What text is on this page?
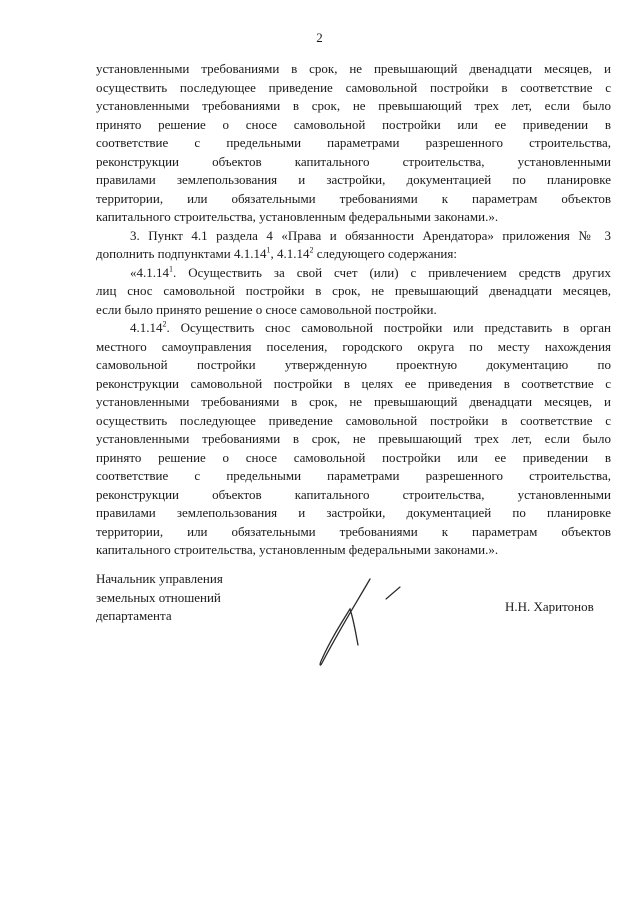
2
установленными требованиями в срок, не превышающий двенадцати месяцев, и
осуществить последующее приведение самовольной постройки в соответствие с
установленными требованиями в срок, не превышающий трех лет, если было
принято решение о сносе самовольной постройки или ее приведении в
соответствие с предельными параметрами разрешенного строительства,
реконструкции объектов капитального строительства, установленными
правилами землепользования и застройки, документацией по планировке
территории, или обязательными требованиями к параметрам объектов
капитального строительства, установленным федеральными законами.».
3. Пункт 4.1 раздела 4 «Права и обязанности Арендатора» приложения № 3
дополнить подпунктами 4.1.14$^1$, 4.1.14$^2$ следующего содержания:
«4.1.14$^1$. Осуществить за свой счет (или) с привлечением средств других
лиц снос самовольной постройки в срок, не превышающий двенадцати месяцев,
если было принято решение о сносе самовольной постройки.
4.1.14$^2$. Осуществить снос самовольной постройки или представить в орган
местного самоуправления поселения, городского округа по месту нахождения
самовольной постройки утвержденную проектную документацию по
реконструкции самовольной постройки в целях ее приведения в соответствие с
установленными требованиями в срок, не превышающий двенадцати месяцев, и
осуществить последующее приведение самовольной постройки в соответствие с
установленными требованиями в срок, не превышающий трех лет, если было
принято решение о сносе самовольной постройки или ее приведении в
соответствие с предельными параметрами разрешенного строительства,
реконструкции объектов капитального строительства, установленными
правилами землепользования и застройки, документацией по планировке
территории, или обязательными требованиями к параметрам объектов
капитального строительства, установленным федеральными законами.».
Начальник управления
земельных отношений
департамента
Н.Н. Харитонов
